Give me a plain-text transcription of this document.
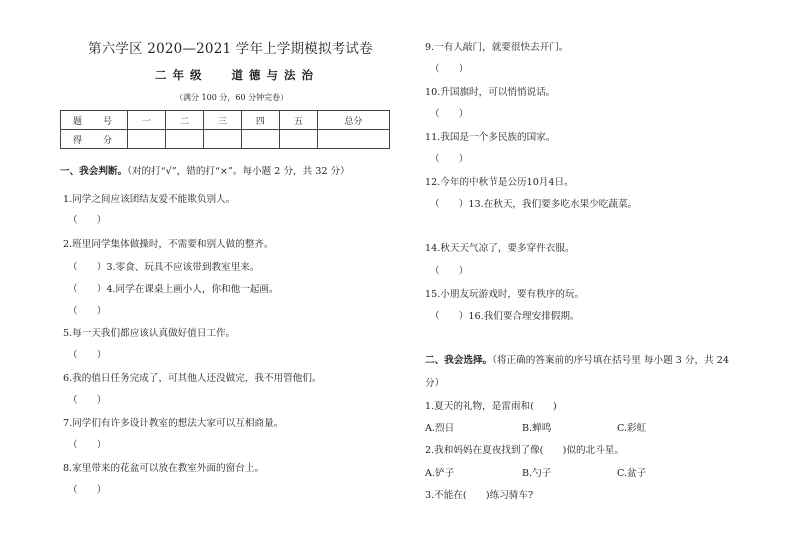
第六学区 2020—2021 学年上学期模拟考试卷
二 年 级	道 德 与 法 治
（满分 100 分，60 分钟完卷）
题　号	一	二	三	四	五	总分
得　分						
一、我会判断。（对的打“√”，错的打“×”。每小题 2 分，共 32 分）
1.同学之间应该团结友爱不能欺负别人。
（　　）
2.班里同学集体做操时，不需要和别人做的整齐。
（　　）3.零食、玩具不应该带到教室里来。
（　　）4.同学在课桌上画小人，你和他一起画。
（　　）
5.每一天我们都应该认真做好值日工作。
（　　）
6.我的值日任务完成了，可其他人还没做完，我不用管他们。
（　　）
7.同学们有许多设计教室的想法大家可以互相商量。
（　　）
8.家里带来的花盆可以放在教室外面的窗台上。
（　　）
9.一有人敲门，就要很快去开门。
（　　）
10.升国旗时，可以悄悄说话。
（　　）
11.我国是一个多民族的国家。
（　　）
12.今年的中秋节是公历10月4日。
（　　）13.在秋天，我们要多吃水果少吃蔬菜。
14.秋天天气凉了，要多穿件衣服。
（　　）
15.小朋友玩游戏时，要有秩序的玩。
（　　）16.我们要合理安排假期。
二、我会选择。（将正确的答案前的序号填在括号里 每小题 3 分，共 24
分）
1.夏天的礼物，是雷雨和(　　)
A.烈日	B.蝉鸣	C.彩虹
2.我和妈妈在夏夜找到了像(　　)似的北斗星。
A.铲子	B.勺子	C.盆子
3.不能在(　　)练习骑车?
